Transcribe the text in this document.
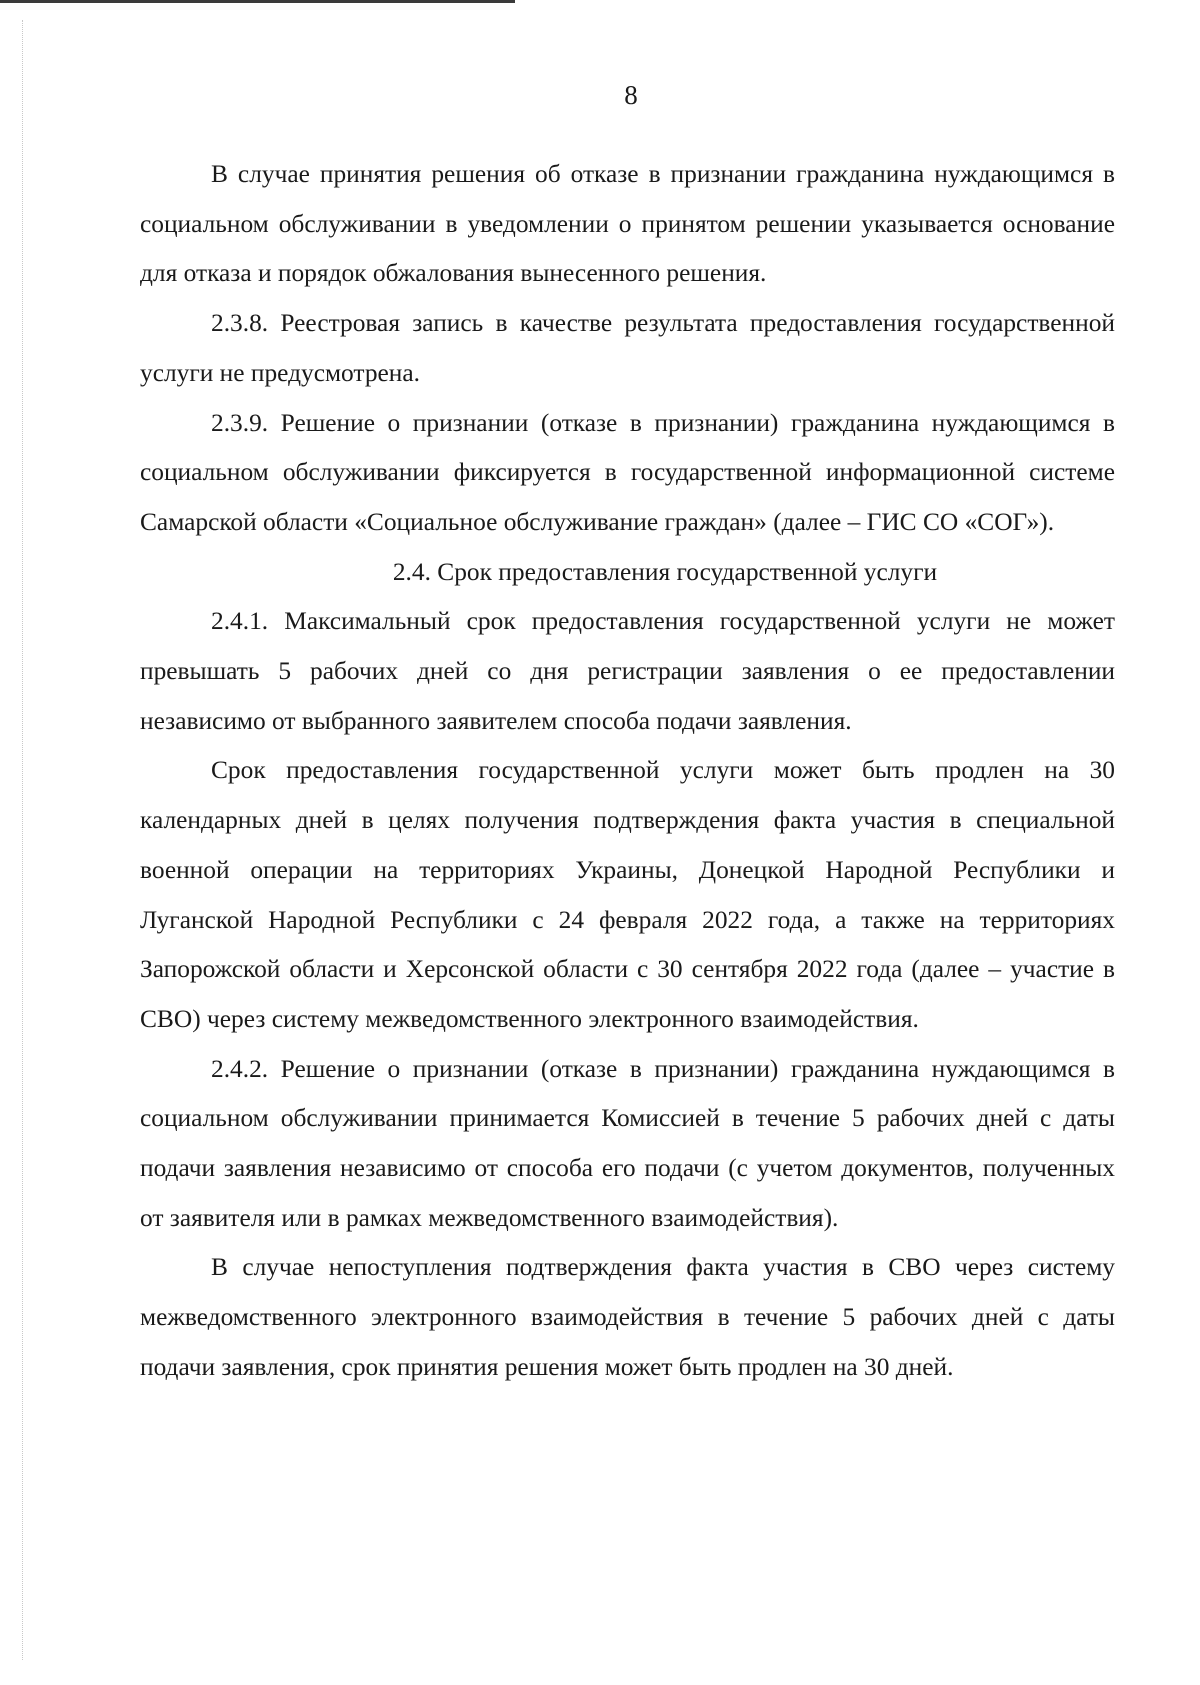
8

В случае принятия решения об отказе в признании гражданина нуждающимся в социальном обслуживании в уведомлении о принятом решении указывается основание для отказа и порядок обжалования вынесенного решения.

2.3.8. Реестровая запись в качестве результата предоставления государственной услуги не предусмотрена.

2.3.9. Решение о признании (отказе в признании) гражданина нуждающимся в социальном обслуживании фиксируется в государственной информационной системе Самарской области «Социальное обслуживание граждан» (далее – ГИС СО «СОГ»).

2.4. Срок предоставления государственной услуги

2.4.1. Максимальный срок предоставления государственной услуги не может превышать 5 рабочих дней со дня регистрации заявления о ее предоставлении независимо от выбранного заявителем способа подачи заявления.

Срок предоставления государственной услуги может быть продлен на 30 календарных дней в целях получения подтверждения факта участия в специальной военной операции на территориях Украины, Донецкой Народной Республики и Луганской Народной Республики с 24 февраля 2022 года, а также на территориях Запорожской области и Херсонской области с 30 сентября 2022 года (далее – участие в СВО) через систему межведомственного электронного взаимодействия.

2.4.2. Решение о признании (отказе в признании) гражданина нуждающимся в социальном обслуживании принимается Комиссией в течение 5 рабочих дней с даты подачи заявления независимо от способа его подачи (с учетом документов, полученных от заявителя или в рамках межведомственного взаимодействия).

В случае непоступления подтверждения факта участия в СВО через систему межведомственного электронного взаимодействия в течение 5 рабочих дней с даты подачи заявления, срок принятия решения может быть продлен на 30 дней.
